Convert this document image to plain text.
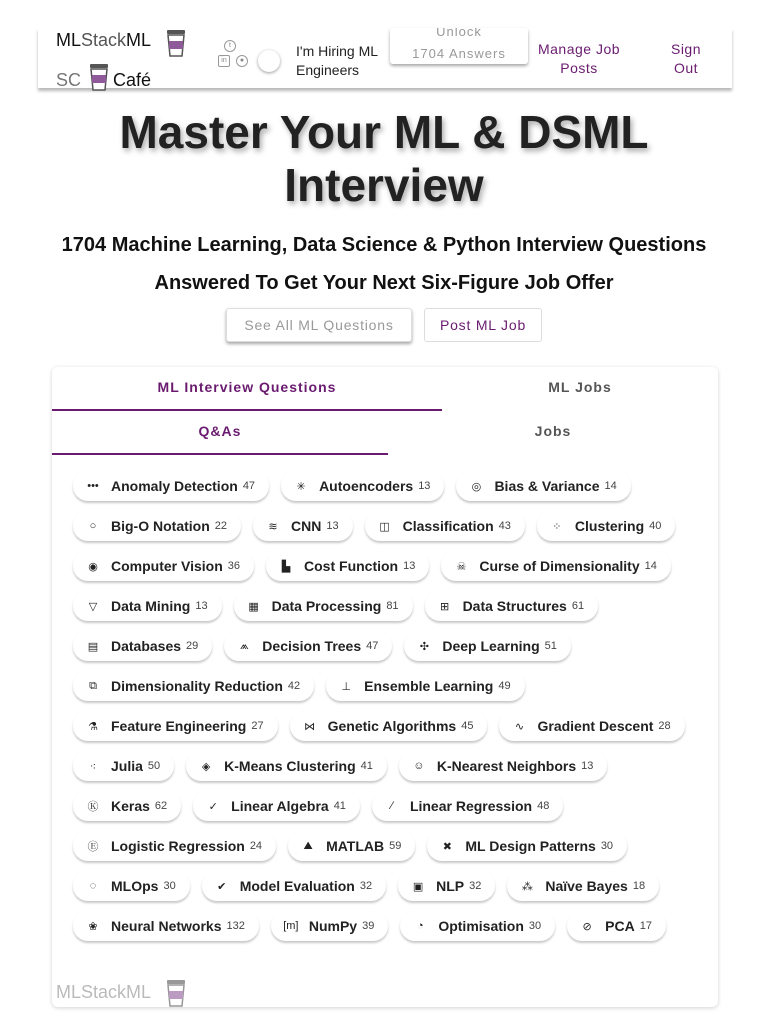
MLStackML
SC Café
t
in	●
I'm Hiring ML Engineers
Unlock
1704 Answers	Manage Job Posts
Sign Out
Master Your ML & DSML Interview
1704 Machine Learning, Data Science & Python Interview Questions
Answered To Get Your Next Six-Figure Job Offer
See All ML Questions	Post ML Job
ML Interview Questions	ML Jobs
Q&As	Jobs
••• Anomaly Detection 47	✳ Autoencoders 13	◎ Bias & Variance 14
○	Big-O Notation 22	≋ CNN 13	◫ Classification 43	⁘ Clustering 40
◉ Computer Vision 36	▙ Cost Function 13	☠ Curse of Dimensionality 14
▽ Data Mining 13	▦ Data Processing 81	⊞ Data Structures 61
▤ Databases 29	⩕ Decision Trees 47	✣ Deep Learning 51
⧉ Dimensionality Reduction 42	⊥ Ensemble Learning 49
⚗ Feature Engineering 27	⋈ Genetic Algorithms 45	∿ Gradient Descent 28
⁖	Julia 50	◈ K-Means Clustering 41	☺ K-Nearest Neighbors 13
Ⓚ Keras 62	✓ Linear Algebra 41	∕	Linear Regression 48
Ⓔ Logistic Regression 24	⛰ MATLAB 59	✖ ML Design Patterns 30
◌	MLOps 30	✔ Model Evaluation 32	▣ NLP 32	⁂ Naïve Bayes 18
❀ Neural Networks 132	[m] NumPy 39	◔	Optimisation 30	⊘ PCA 17
MLStackML
